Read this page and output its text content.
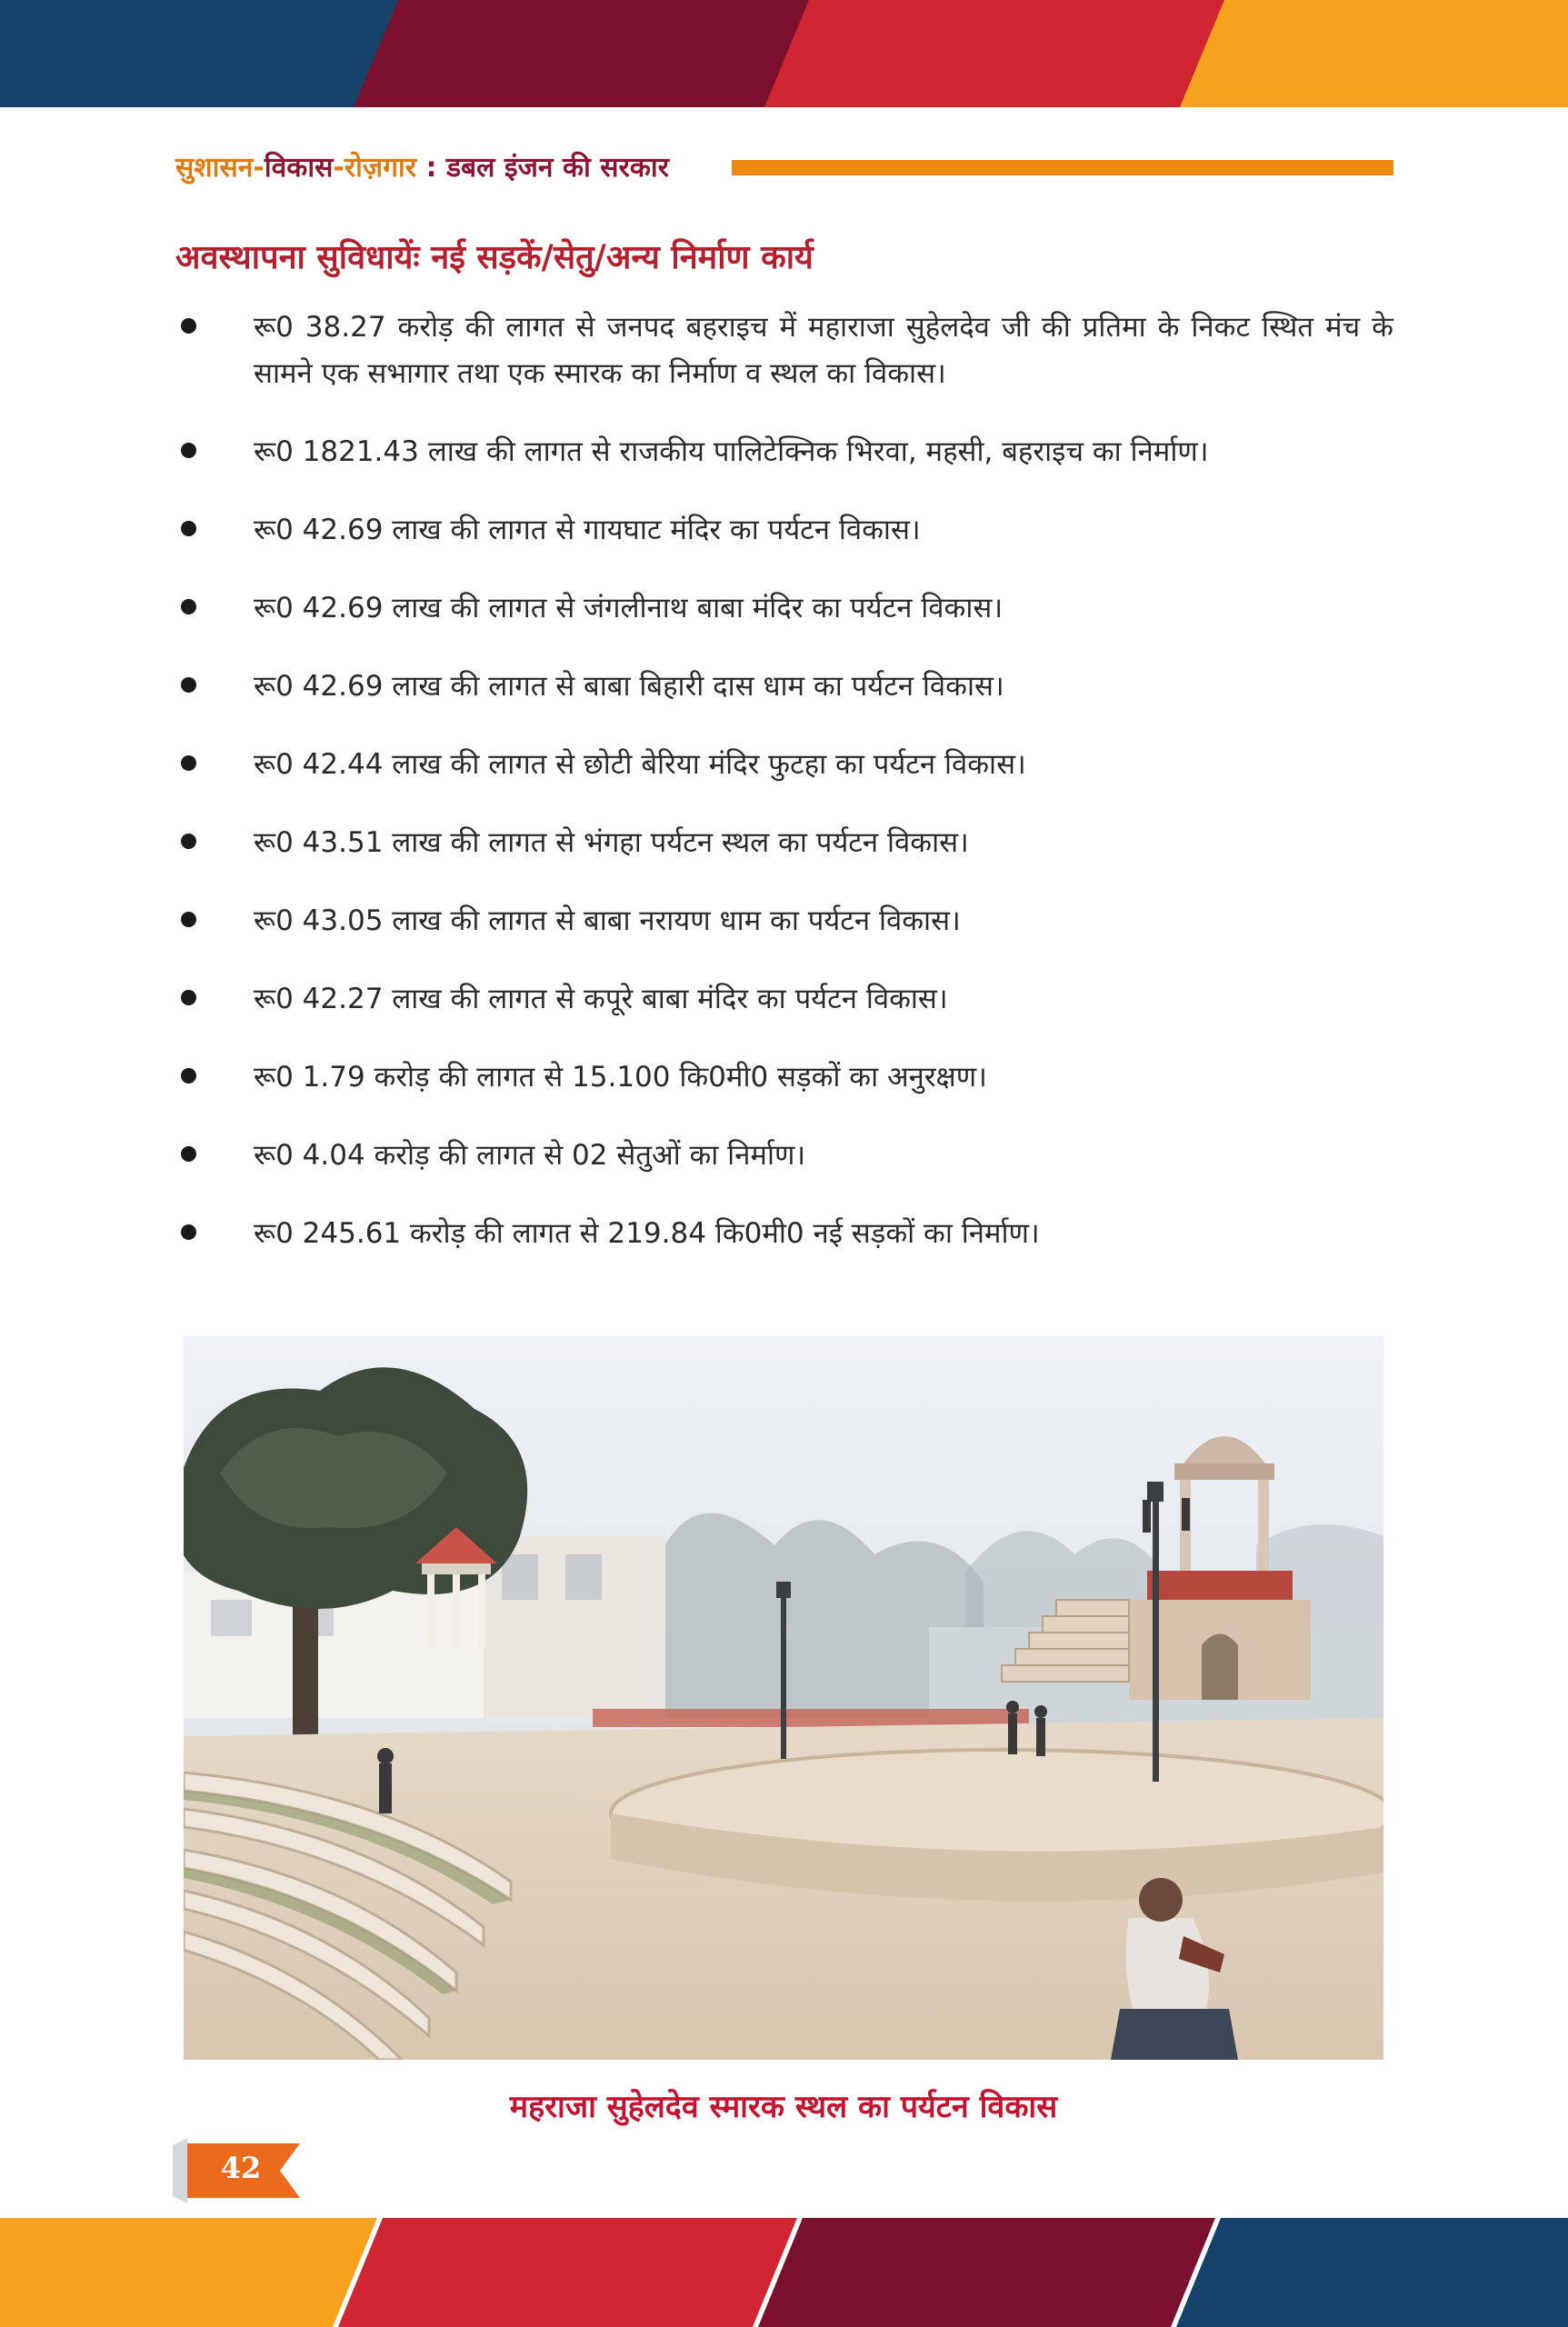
सुशासन-विकास-रोज़गार : डबल इंजन की सरकार
अवस्थापना सुविधायेंः नई सड़कें/सेतु/अन्य निर्माण कार्य
रू0 38.27 करोड़ की लागत से जनपद बहराइच में महाराजा सुहेलदेव जी की प्रतिमा के निकट स्थित मंच के सामने एक सभागार तथा एक स्मारक का निर्माण व स्थल का विकास।
रू0 1821.43 लाख की लागत से राजकीय पालिटेक्निक भिरवा, महसी, बहराइच का निर्माण।
रू0 42.69 लाख की लागत से गायघाट मंदिर का पर्यटन विकास।
रू0 42.69 लाख की लागत से जंगलीनाथ बाबा मंदिर का पर्यटन विकास।
रू0 42.69 लाख की लागत से बाबा बिहारी दास धाम का पर्यटन विकास।
रू0 42.44 लाख की लागत से छोटी बेरिया मंदिर फुटहा का पर्यटन विकास।
रू0 43.51 लाख की लागत से भंगहा पर्यटन स्थल का पर्यटन विकास।
रू0 43.05 लाख की लागत से बाबा नरायण धाम का पर्यटन विकास।
रू0 42.27 लाख की लागत से कपूरे बाबा मंदिर का पर्यटन विकास।
रू0 1.79 करोड़ की लागत से 15.100 कि0मी0 सड़कों का अनुरक्षण।
रू0 4.04 करोड़ की लागत से 02 सेतुओं का निर्माण।
रू0 245.61 करोड़ की लागत से 219.84 कि0मी0 नई सड़कों का निर्माण।
महराजा सुहेलदेव स्मारक स्थल का पर्यटन विकास
42
